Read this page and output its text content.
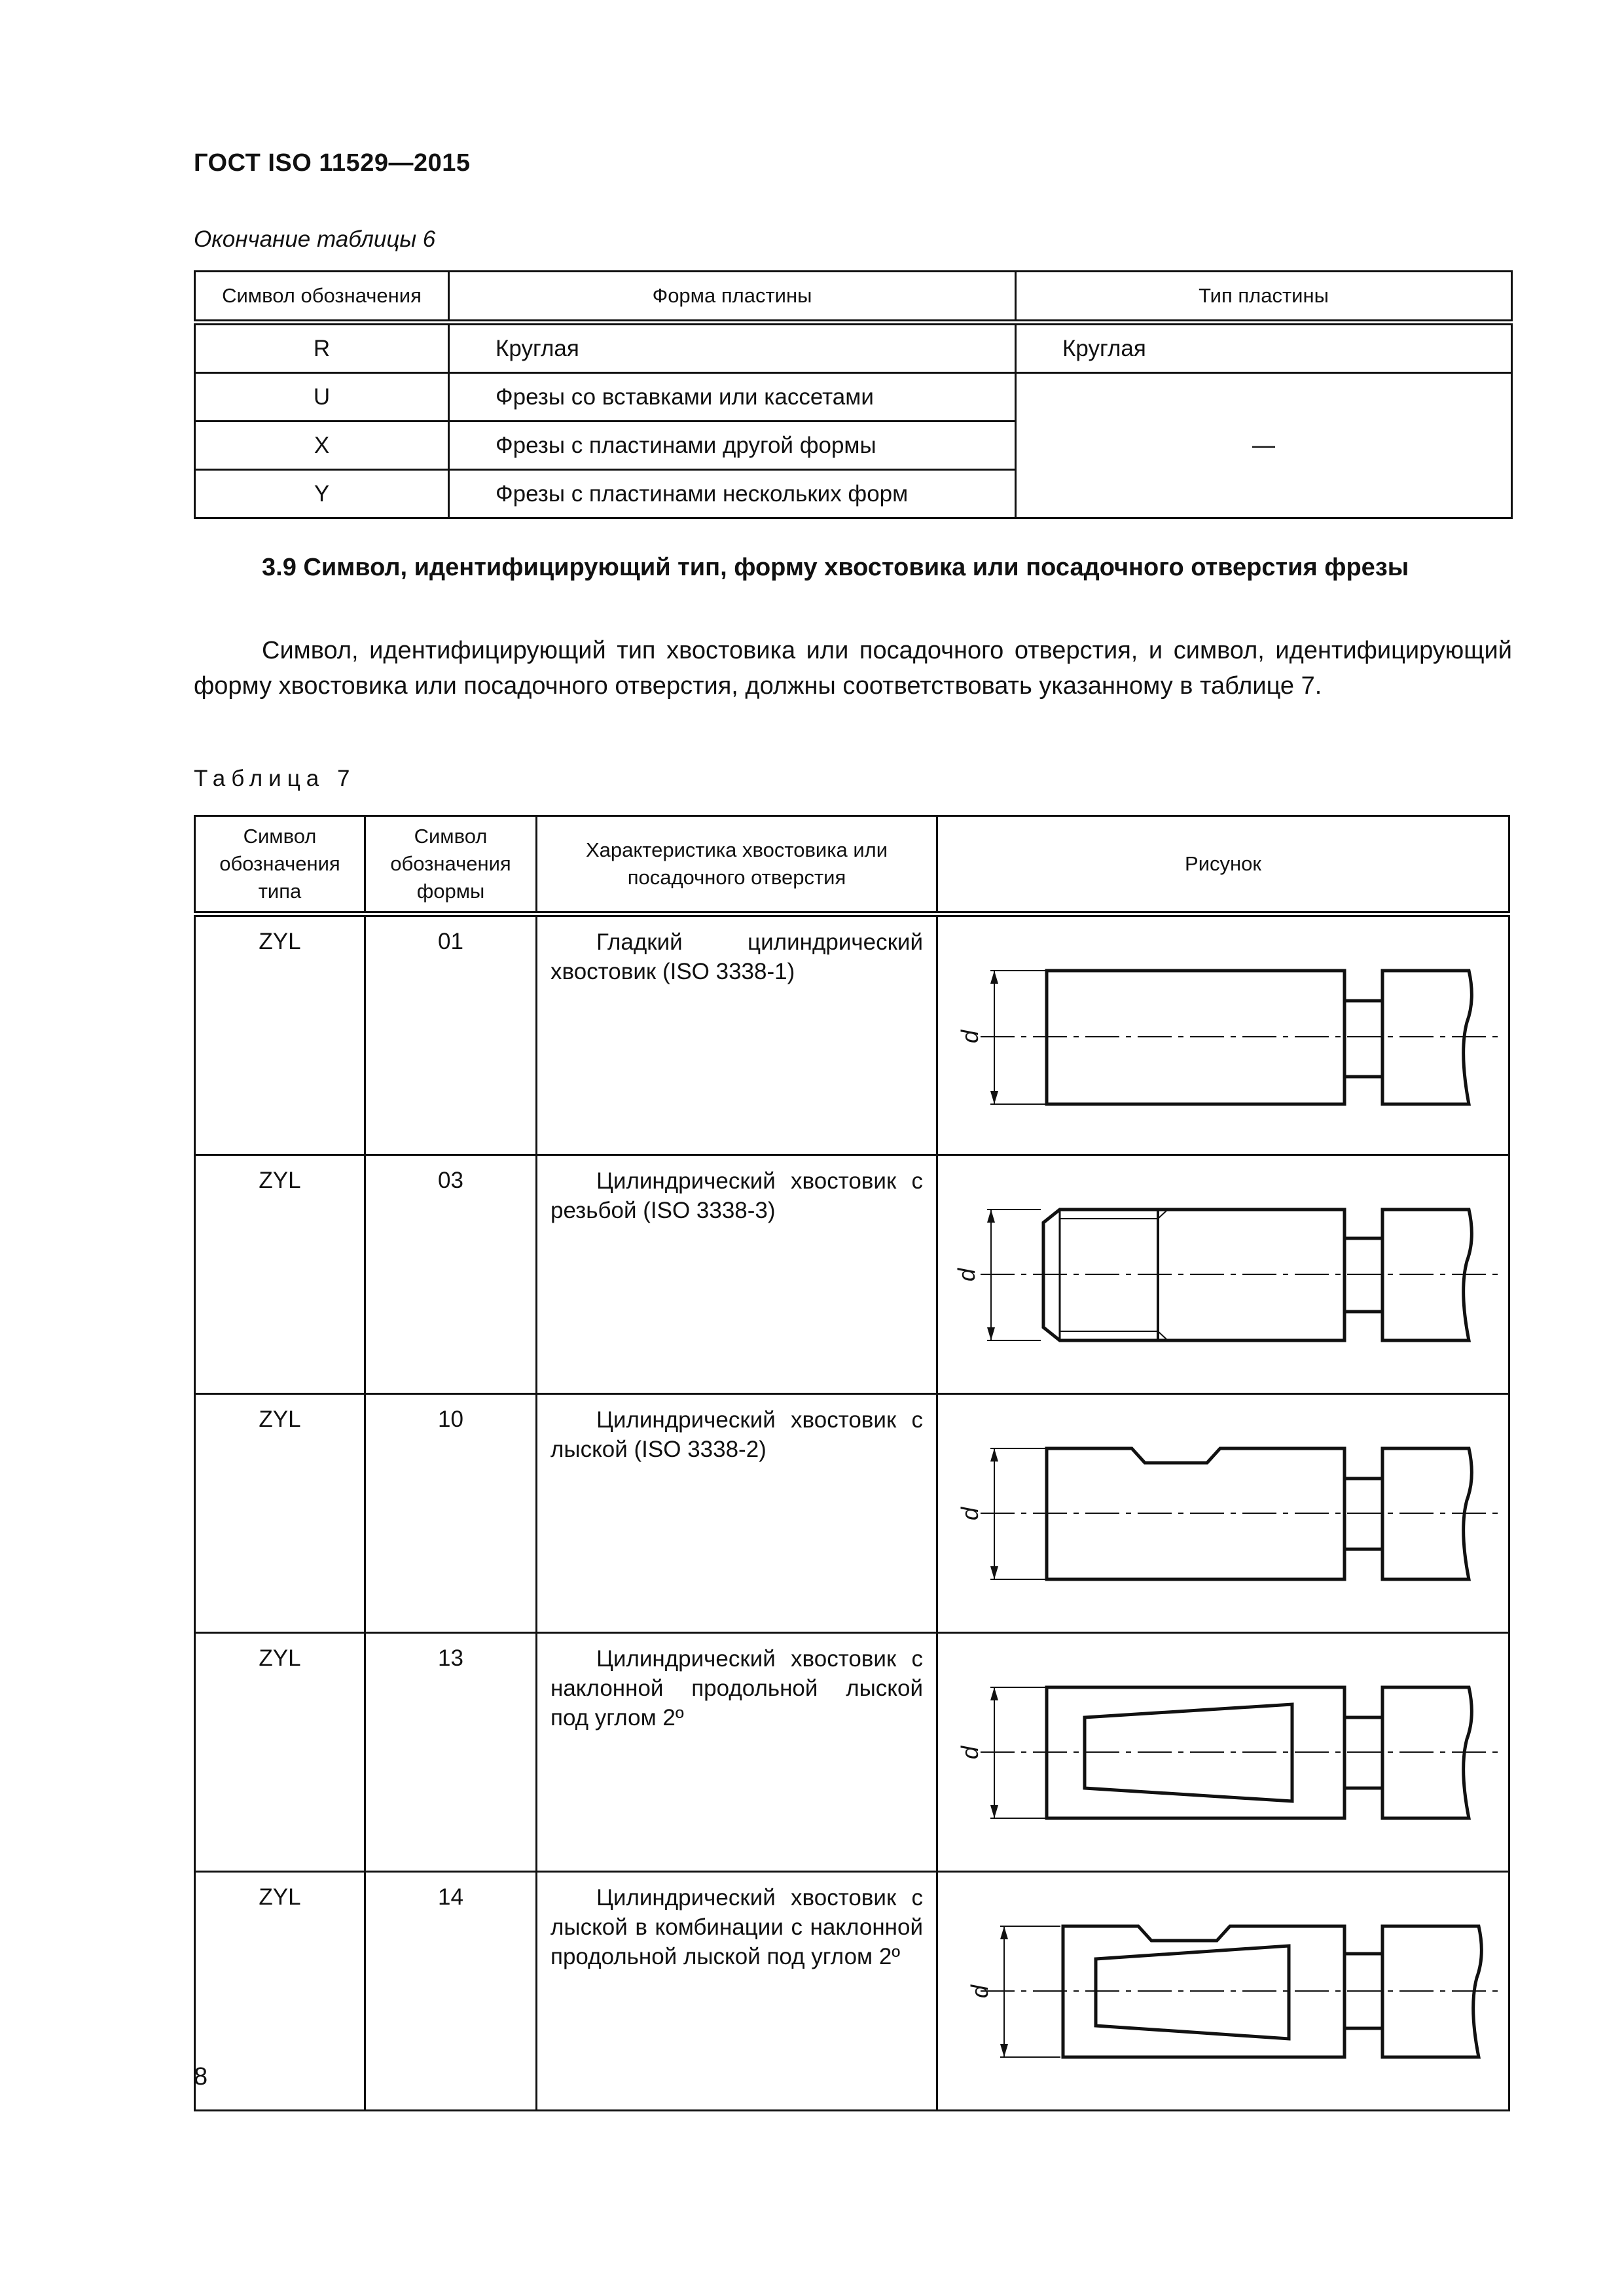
ГОСТ ISO 11529—2015
Окончание таблицы 6
Символ обозначения	Форма пластины	Тип пластины
R	Круглая	Круглая
U	Фрезы со вставками или кассетами	—
X	Фрезы с пластинами другой формы	
Y	Фрезы с пластинами нескольких форм	
3.9 Символ, идентифицирующий тип, форму хвостовика или посадочного отверстия фрезы
Символ, идентифицирующий тип хвостовика или посадочного отверстия, и символ, идентифицирующий форму хвостовика или посадочного отверстия, должны соответствовать указанному в таблице 7.
Таблица 7
Символ обозначения типа	Символ обозначения формы	Характеристика хвостовика или посадочного отверстия	Рисунок
ZYL	01	Гладкий цилиндрический хвостовик (ISO 3338-1)	d

ZYL	03	Цилиндрический хвостовик с резьбой (ISO 3338-3)	d

ZYL	10	Цилиндрический хвостовик с лыской (ISO 3338-2)	d

ZYL	13	Цилиндрический хвостовик с наклонной продольной лыской под углом 2º	d

ZYL	14	Цилиндрический хвостовик с лыской в комбинации с наклонной продольной лыской под углом 2º	d
8
